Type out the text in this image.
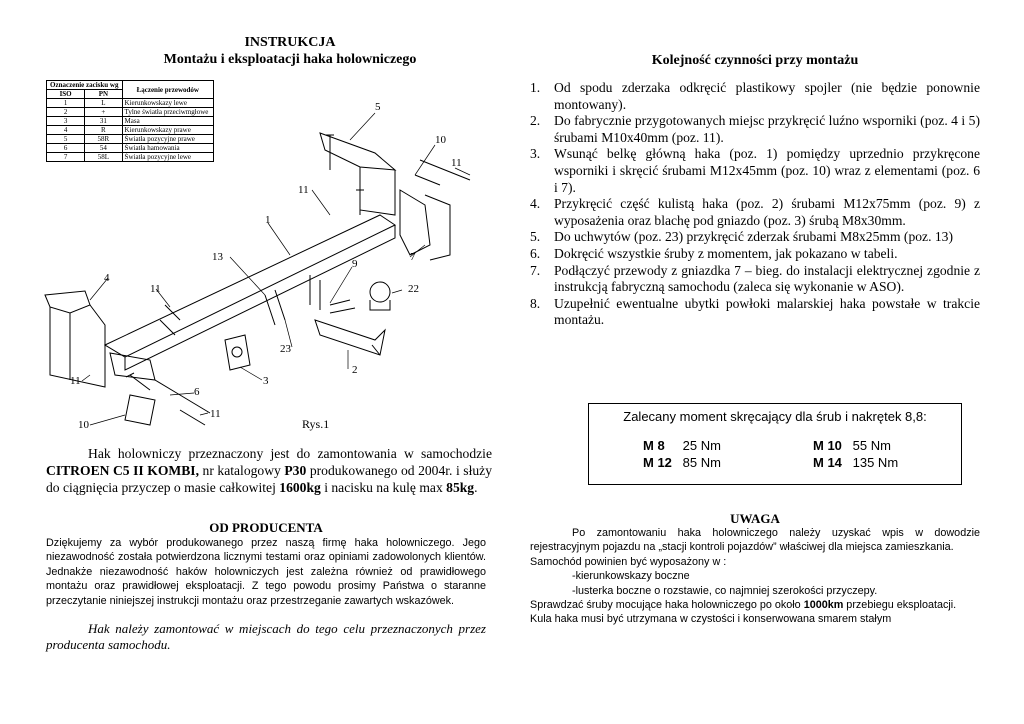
INSTRUKCJA
Montażu i eksploatacji haka holowniczego
Oznaczenie zacisku wg		Łączenie przewodów
ISO	PN	
1	L	Kierunkowskazy lewe
2	+	Tylne światła przeciwmgłowe
3	31	Masa
4	R	Kierunkowskazy prawe
5	58R	Światła pozycyjne prawe
6	54	Światła hamowania
7	58L	Światła pozycyjne lewe
5
10
11
11
1
13
9
7
4
11	22
23
2
3
6
11
10
11
Rys.1
Hak holowniczy przeznaczony jest do zamontowania w samochodzie CITROEN C5 II KOMBI, nr katalogowy P30 produkowanego od 2004r. i służy do ciągnięcia przyczep o masie całkowitej 1600kg i nacisku na kulę max 85kg.
OD PRODUCENTA
Dziękujemy za wybór produkowanego przez naszą firmę haka holowniczego. Jego niezawodność została potwierdzona licznymi testami oraz opiniami zadowolonych klientów. Jednakże niezawodność haków holowniczych jest zależna również od prawidłowego montażu oraz prawidłowej eksploatacji. Z tego powodu prosimy Państwa o staranne przeczytanie niniejszej instrukcji montażu oraz przestrzeganie zawartych wskazówek.
Hak należy zamontować w miejscach do tego celu przeznaczonych przez producenta samochodu.
Kolejność czynności przy montażu
1. Od spodu zderzaka odkręcić plastikowy spojler (nie będzie ponownie montowany).
2. Do fabrycznie przygotowanych miejsc przykręcić luźno wsporniki (poz. 4 i 5) śrubami M10x40mm (poz. 11).
3. Wsunąć belkę główną haka (poz. 1) pomiędzy uprzednio przykręcone wsporniki i skręcić śrubami M12x45mm (poz. 10) wraz z elementami (poz. 6 i 7).
4. Przykręcić część kulistą haka (poz. 2) śrubami M12x75mm (poz. 9) z wyposażenia oraz blachę pod gniazdo (poz. 3) śrubą M8x30mm.
5. Do uchwytów (poz. 23) przykręcić zderzak śrubami M8x25mm (poz. 13)
6. Dokręcić wszystkie śruby z momentem, jak pokazano w tabeli.
7. Podłączyć przewody z gniazdka 7 – bieg. do instalacji elektrycznej zgodnie z instrukcją fabryczną samochodu (zaleca się wykonanie w ASO).
8. Uzupełnić ewentualne ubytki powłoki malarskiej haka powstałe w trakcie montażu.
Zalecany moment skręcający dla śrub i nakrętek 8,8:
M 8 25 Nm	M 10 55 Nm
M 12 85 Nm	M 14 135 Nm
UWAGA
Po zamontowaniu haka holowniczego należy uzyskać wpis w dowodzie rejestracyjnym pojazdu na „stacji kontroli pojazdów” właściwej dla miejsca zamieszkania.
Samochód powinien być wyposażony w :
-kierunkowskazy boczne
-lusterka boczne o rozstawie, co najmniej szerokości przyczepy.
Sprawdzać śruby mocujące haka holowniczego po około 1000km przebiegu eksploatacji.
Kula haka musi być utrzymana w czystości i konserwowana smarem stałym
